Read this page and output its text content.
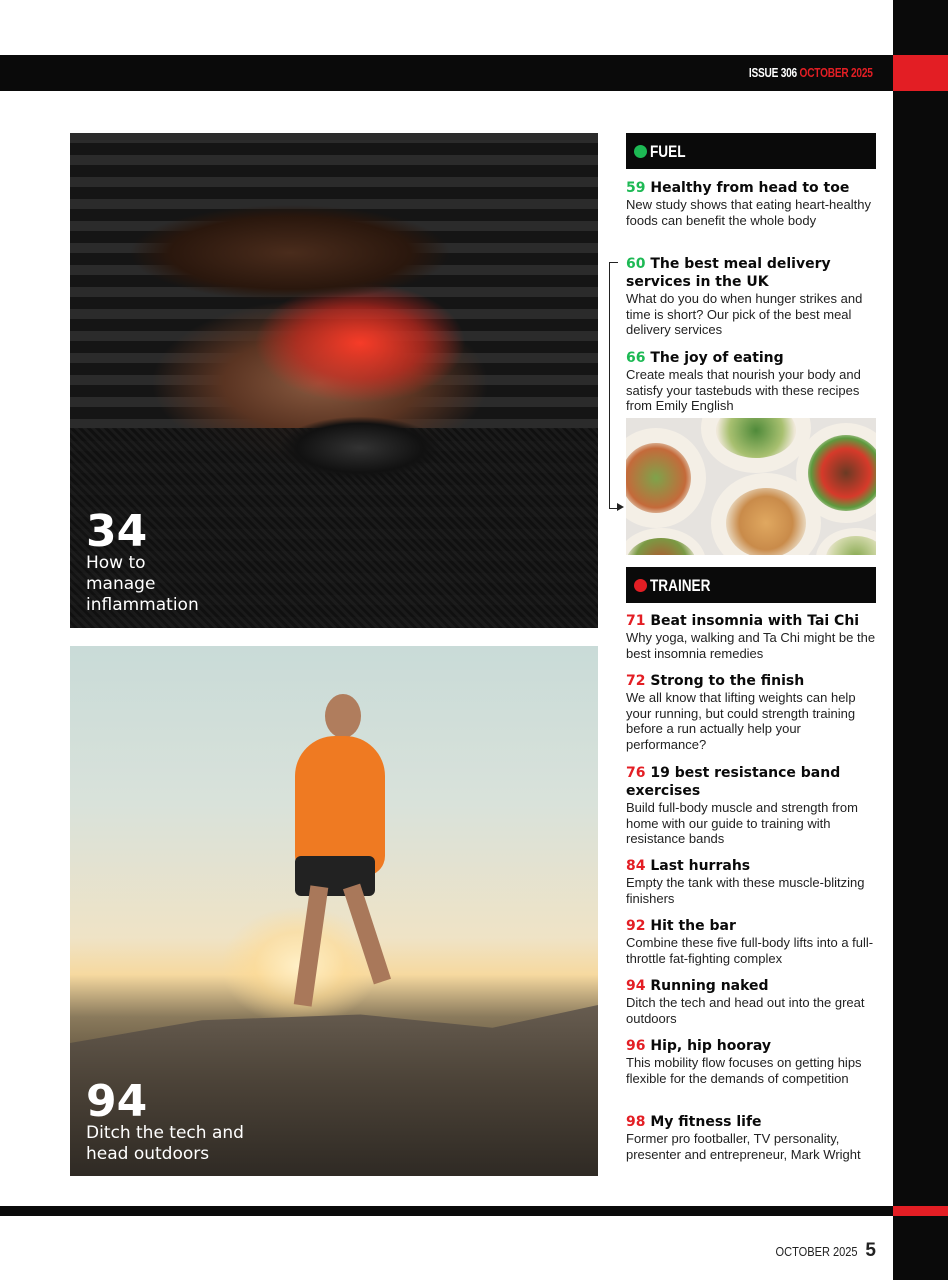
ISSUE 306 OCTOBER 2025
34
How to
manage
inflammation
94
Ditch the tech and
head outdoors
FUEL
59 Healthy from head to toe
New study shows that eating heart-healthy foods can benefit the whole body
60 The best meal delivery services in the UK
What do you do when hunger strikes and time is short? Our pick of the best meal delivery services
66 The joy of eating
Create meals that nourish your body and satisfy your tastebuds with these recipes from Emily English
TRAINER
71 Beat insomnia with Tai Chi
Why yoga, walking and Ta Chi might be the best insomnia remedies
72 Strong to the finish
We all know that lifting weights can help your running, but could strength training before a run actually help your performance?
76 19 best resistance band exercises
Build full-body muscle and strength from home with our guide to training with resistance bands
84 Last hurrahs
Empty the tank with these muscle-blitzing finishers
92 Hit the bar
Combine these five full-body lifts into a full-throttle fat-fighting complex
94 Running naked
Ditch the tech and head out into the great outdoors
96 Hip, hip hooray
This mobility flow focuses on getting hips flexible for the demands of competition
98 My fitness life
Former pro footballer, TV personality, presenter and entrepreneur, Mark Wright
OCTOBER 2025 5
